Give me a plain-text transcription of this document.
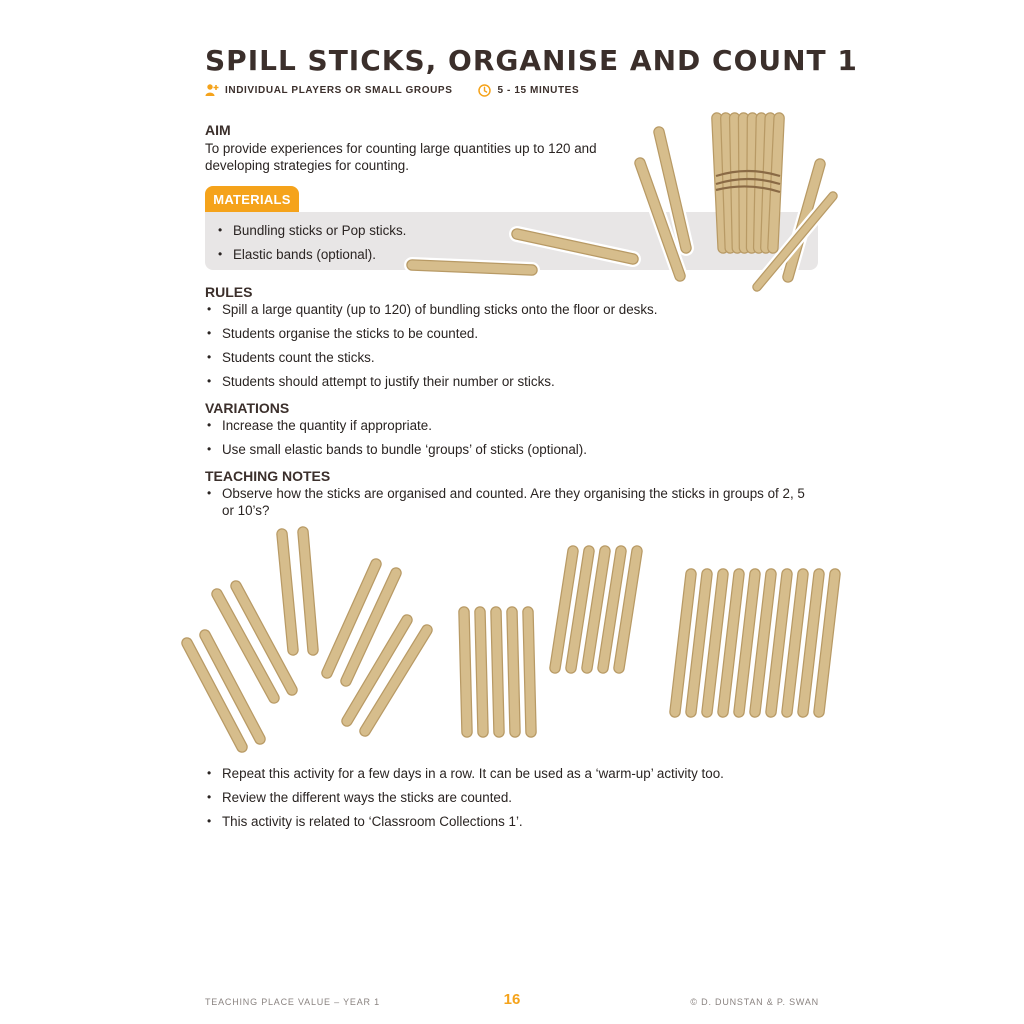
SPILL STICKS, ORGANISE AND COUNT 1
INDIVIDUAL PLAYERS OR SMALL GROUPS	5 - 15 MINUTES
AIM

To provide experiences for counting large quantities up to 120 and developing strategies for counting.

MATERIALS
• Bundling sticks or Pop sticks.
• Elastic bands (optional).
RULES
• Spill a large quantity (up to 120) of bundling sticks onto the floor or desks.
• Students organise the sticks to be counted.
• Students count the sticks.
• Students should attempt to justify their number or sticks.
VARIATIONS
• Increase the quantity if appropriate.
• Use small elastic bands to bundle ‘groups’ of sticks (optional).
TEACHING NOTES
• Observe how the sticks are organised and counted. Are they organising the sticks in groups of 2, 5 or 10’s?
• Repeat this activity for a few days in a row. It can be used as a ‘warm-up’ activity too.
• Review the different ways the sticks are counted.
• This activity is related to ‘Classroom Collections 1’.
TEACHING PLACE VALUE – YEAR 1	16	© D. DUNSTAN & P. SWAN
